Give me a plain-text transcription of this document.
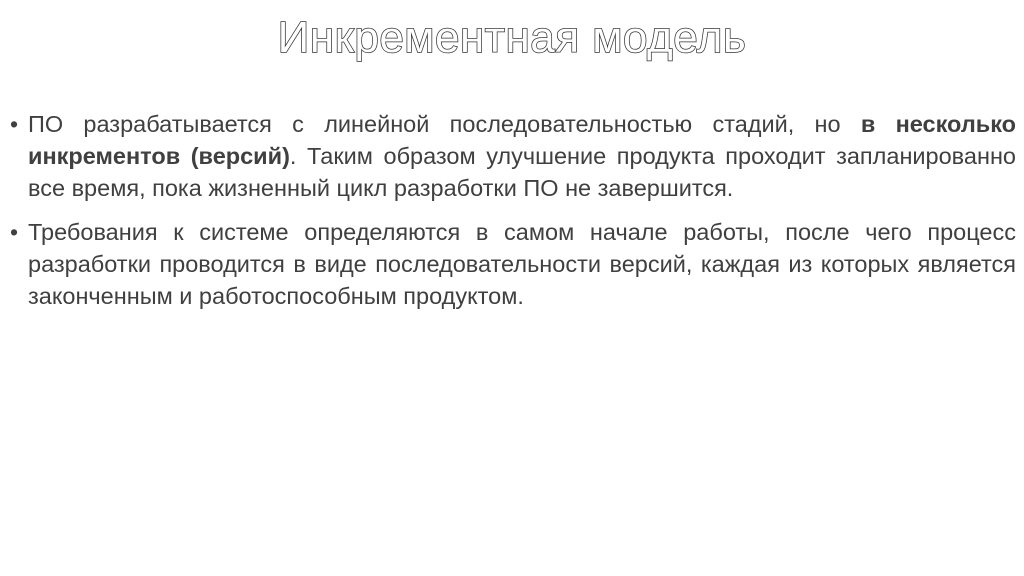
Инкрементная модель
• ПО разрабатывается с линейной последовательностью стадий, но в несколько инкрементов (версий). Таким образом улучшение продукта проходит запланированно все время, пока жизненный цикл разработки ПО не завершится.
• Требования к системе определяются в самом начале работы, после чего процесс разработки проводится в виде последовательности версий, каждая из которых является законченным и работоспособным продуктом.
